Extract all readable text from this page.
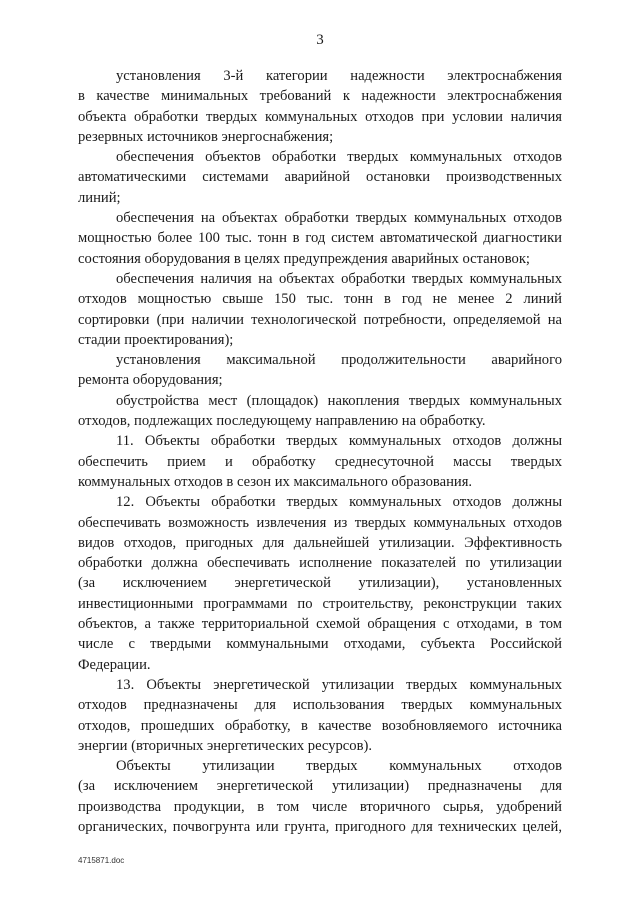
3
установления 3-й категории надежности электроснабжения
в качестве минимальных требований к надежности электроснабжения
объекта обработки твердых коммунальных отходов при условии наличия
резервных источников энергоснабжения;
обеспечения объектов обработки твердых коммунальных отходов
автоматическими системами аварийной остановки производственных
линий;
обеспечения на объектах обработки твердых коммунальных отходов
мощностью более 100 тыс. тонн в год систем автоматической диагностики
состояния оборудования в целях предупреждения аварийных остановок;
обеспечения наличия на объектах обработки твердых коммунальных
отходов мощностью свыше 150 тыс. тонн в год не менее 2 линий
сортировки (при наличии технологической потребности, определяемой на
стадии проектирования);
установления максимальной продолжительности аварийного
ремонта оборудования;
обустройства мест (площадок) накопления твердых коммунальных
отходов, подлежащих последующему направлению на обработку.
11. Объекты обработки твердых коммунальных отходов должны
обеспечить прием и обработку среднесуточной массы твердых
коммунальных отходов в сезон их максимального образования.
12. Объекты обработки твердых коммунальных отходов должны
обеспечивать возможность извлечения из твердых коммунальных отходов
видов отходов, пригодных для дальнейшей утилизации. Эффективность
обработки должна обеспечивать исполнение показателей по утилизации
(за исключением энергетической утилизации), установленных
инвестиционными программами по строительству, реконструкции таких
объектов, а также территориальной схемой обращения с отходами, в том
числе с твердыми коммунальными отходами, субъекта Российской
Федерации.
13. Объекты энергетической утилизации твердых коммунальных
отходов предназначены для использования твердых коммунальных
отходов, прошедших обработку, в качестве возобновляемого источника
энергии (вторичных энергетических ресурсов).
Объекты утилизации твердых коммунальных отходов
(за исключением энергетической утилизации) предназначены для
производства продукции, в том числе вторичного сырья, удобрений
органических, почвогрунта или грунта, пригодного для технических целей,
4715871.doc
